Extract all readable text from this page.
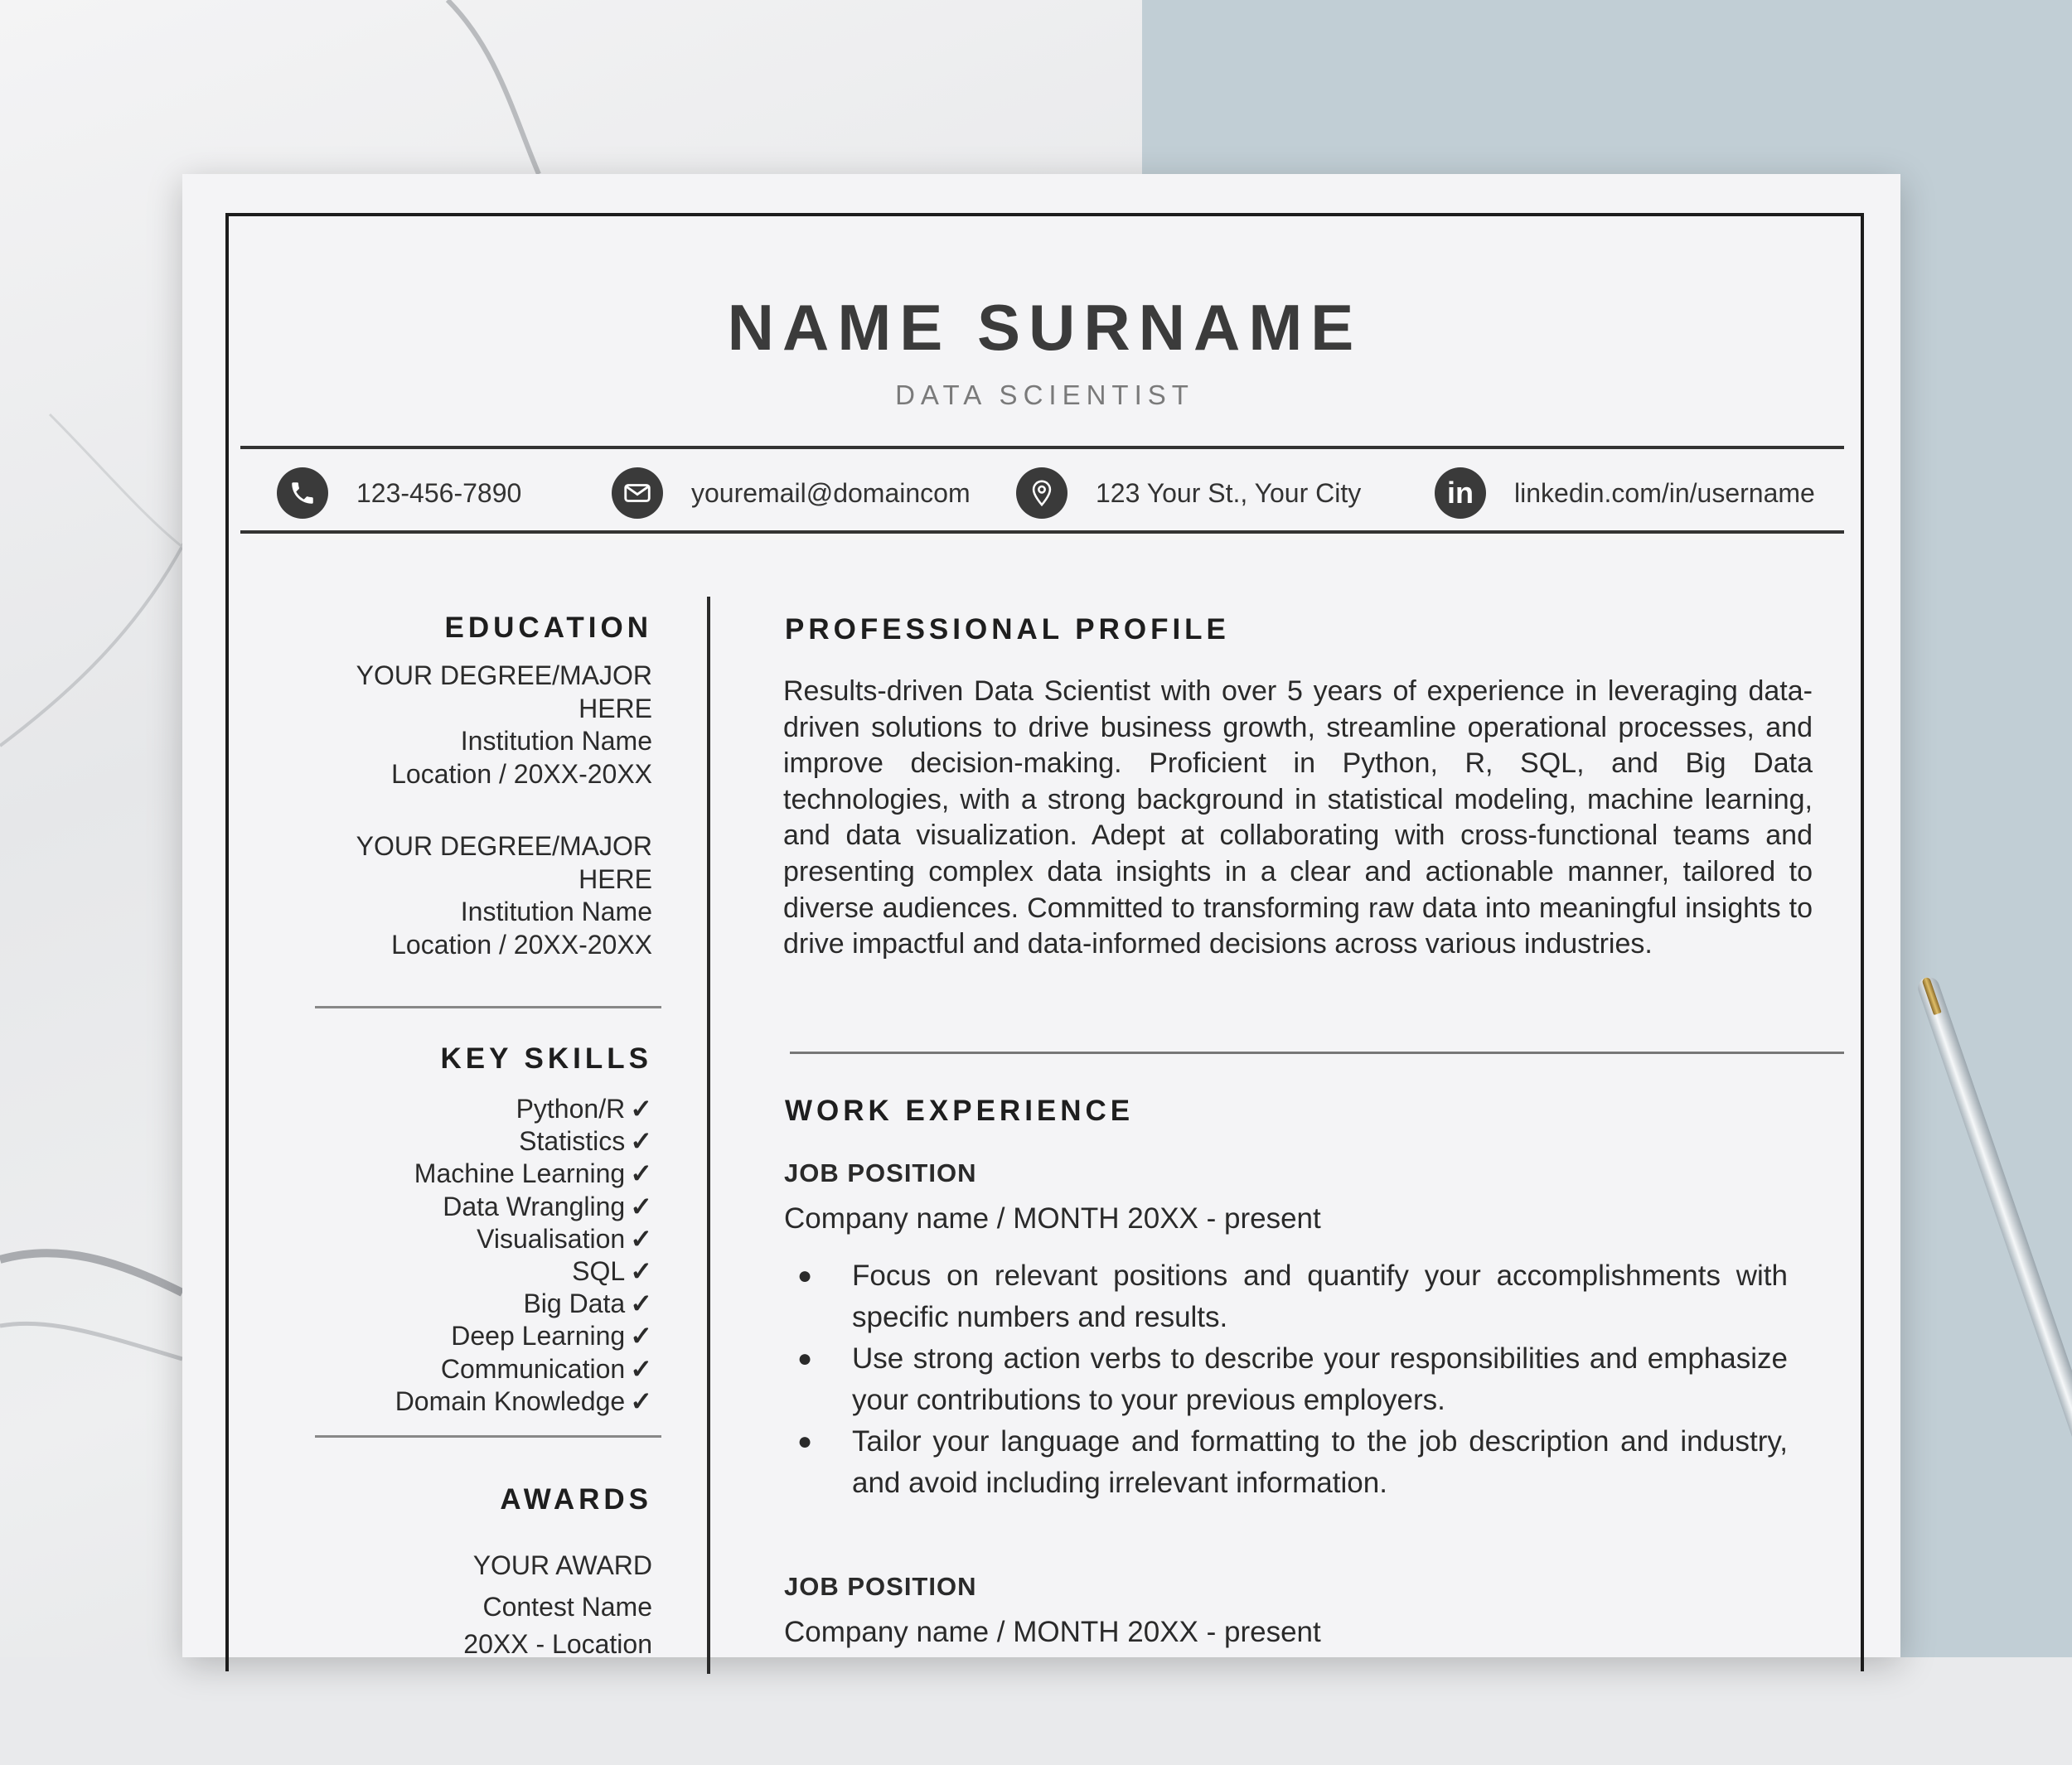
NAME SURNAME
DATA SCIENTIST
123-456-7890	youremail@domaincom	123 Your St., Your City	in linkedin.com/in/username
EDUCATION
YOUR DEGREE/MAJOR
HERE
Institution Name
Location / 20XX-20XX
YOUR DEGREE/MAJOR
HERE
Institution Name
Location / 20XX-20XX
KEY SKILLS
Python/R ✓
Statistics ✓
Machine Learning ✓
Data Wrangling ✓
Visualisation ✓
SQL ✓
Big Data ✓
Deep Learning ✓
Communication ✓
Domain Knowledge ✓
AWARDS
YOUR AWARD
Contest Name
20XX - Location
PROFESSIONAL PROFILE
Results-driven Data Scientist with over 5 years of experience in leveraging data-driven solutions to drive business growth, streamline operational processes, and improve decision-making. Proficient in Python, R, SQL, and Big Data technologies, with a strong background in statistical modeling, machine learning, and data visualization. Adept at collaborating with cross-functional teams and presenting complex data insights in a clear and actionable manner, tailored to diverse audiences. Committed to transforming raw data into meaningful insights to drive impactful and data-informed decisions across various industries.
WORK EXPERIENCE
JOB POSITION
Company name / MONTH 20XX - present
●	Focus on relevant positions and quantify your accomplishments with specific numbers and results.
●	Use strong action verbs to describe your responsibilities and emphasize your contributions to your previous employers.
●	Tailor your language and formatting to the job description and industry, and avoid including irrelevant information.
JOB POSITION
Company name / MONTH 20XX - present
